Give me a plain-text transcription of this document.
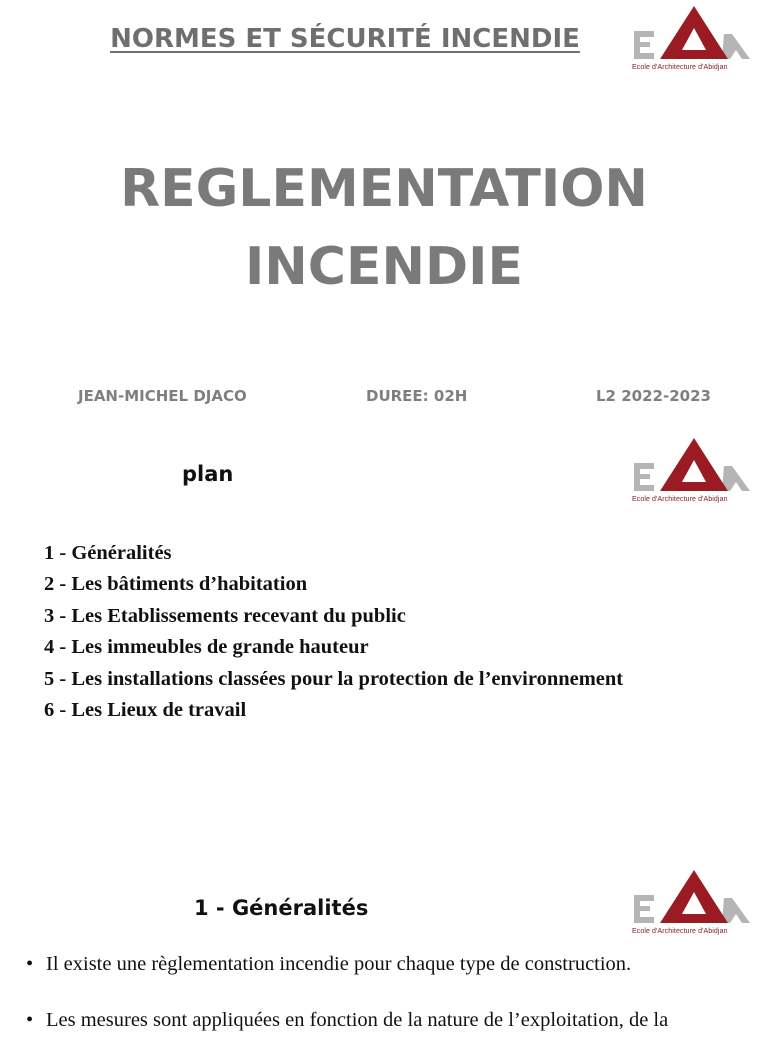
NORMES ET SÉCURITÉ INCENDIE
Ecole d'Architecture d'Abidjan
REGLEMENTATION
INCENDIE
JEAN-MICHEL DJACO	DUREE: 02H	L2 2022-2023
plan
Ecole d'Architecture d'Abidjan
1 - Généralités
2 - Les bâtiments d’habitation
3 - Les Etablissements recevant du public
4 - Les immeubles de grande hauteur
5 - Les installations classées pour la protection de l’environnement
6 - Les Lieux de travail
1 - Généralités
Ecole d'Architecture d'Abidjan
• Il existe une règlementation incendie pour chaque type de construction.
• Les mesures sont appliquées en fonction de la nature de l’exploitation, de la
